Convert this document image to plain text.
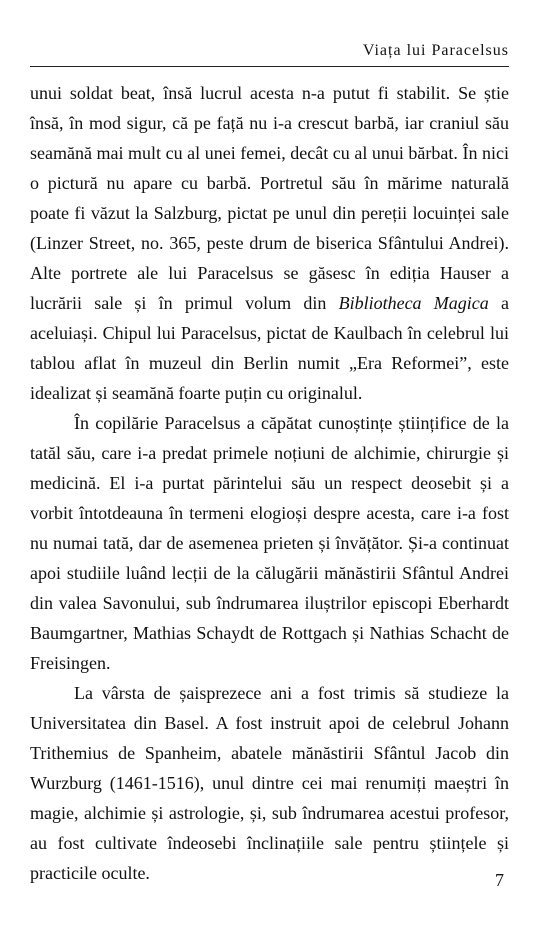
Viața lui Paracelsus

unui soldat beat, însă lucrul acesta n-a putut fi stabilit. Se știe însă, în mod sigur, că pe față nu i-a crescut barbă, iar craniul său seamănă mai mult cu al unei femei, decât cu al unui bărbat. În nici o pictură nu apare cu barbă. Portretul său în mărime naturală poate fi văzut la Salzburg, pictat pe unul din pereții locuinței sale (Linzer Street, no. 365, peste drum de biserica Sfântului Andrei). Alte portrete ale lui Paracelsus se găsesc în ediția Hauser a lucrării sale și în primul volum din Bibliotheca Magica a aceluiași. Chipul lui Paracelsus, pictat de Kaulbach în celebrul lui tablou aflat în muzeul din Berlin numit „Era Reformei”, este idealizat și seamănă foarte puțin cu originalul.

În copilărie Paracelsus a căpătat cunoștințe științifice de la tatăl său, care i-a predat primele noțiuni de alchimie, chirurgie și medicină. El i-a purtat părintelui său un respect deosebit și a vorbit întotdeauna în termeni elogioși despre acesta, care i-a fost nu numai tată, dar de asemenea prieten și învățător. Și-a continuat apoi studiile luând lecții de la călugării mănăstirii Sfântul Andrei din valea Savonului, sub îndrumarea iluștrilor episcopi Eberhardt Baumgartner, Mathias Schaydt de Rottgach și Nathias Schacht de Freisingen.

La vârsta de șaisprezece ani a fost trimis să studieze la Universitatea din Basel. A fost instruit apoi de celebrul Johann Trithemius de Spanheim, abatele mănăstirii Sfântul Jacob din Wurzburg (1461-1516), unul dintre cei mai renumiți maeștri în magie, alchimie și astrologie, și, sub îndrumarea acestui profesor, au fost cultivate îndeosebi înclinațiile sale pentru științele și practicile oculte.	7
